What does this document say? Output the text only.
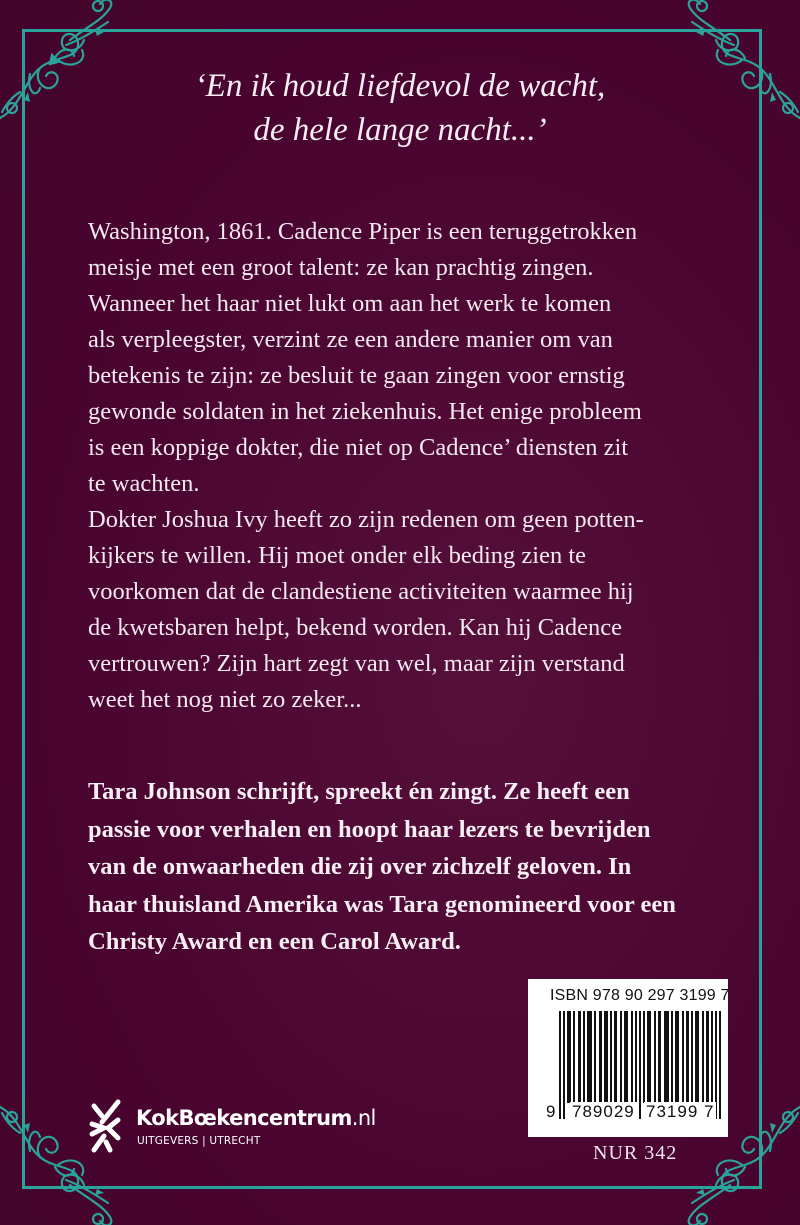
‘En ik houd liefdevol de wacht,
de hele lange nacht...’
Washington, 1861. Cadence Piper is een teruggetrokken
meisje met een groot talent: ze kan prachtig zingen.
Wanneer het haar niet lukt om aan het werk te komen
als verpleegster, verzint ze een andere manier om van
betekenis te zijn: ze besluit te gaan zingen voor ernstig
gewonde soldaten in het ziekenhuis. Het enige probleem
is een koppige dokter, die niet op Cadence’ diensten zit
te wachten.
Dokter Joshua Ivy heeft zo zijn redenen om geen potten-
kijkers te willen. Hij moet onder elk beding zien te
voorkomen dat de clandestiene activiteiten waarmee hij
de kwetsbaren helpt, bekend worden. Kan hij Cadence
vertrouwen? Zijn hart zegt van wel, maar zijn verstand
weet het nog niet zo zeker...
Tara Johnson schrijft, spreekt én zingt. Ze heeft een
passie voor verhalen en hoopt haar lezers te bevrijden
van de onwaarheden die zij over zichzelf geloven. In
haar thuisland Amerika was Tara genomineerd voor een
Christy Award en een Carol Award.
ISBN 978 90 297 3199 7
9 789029 73199 7
NUR 342
KokBœkencentrum.nl
UITGEVERS | UTRECHT
